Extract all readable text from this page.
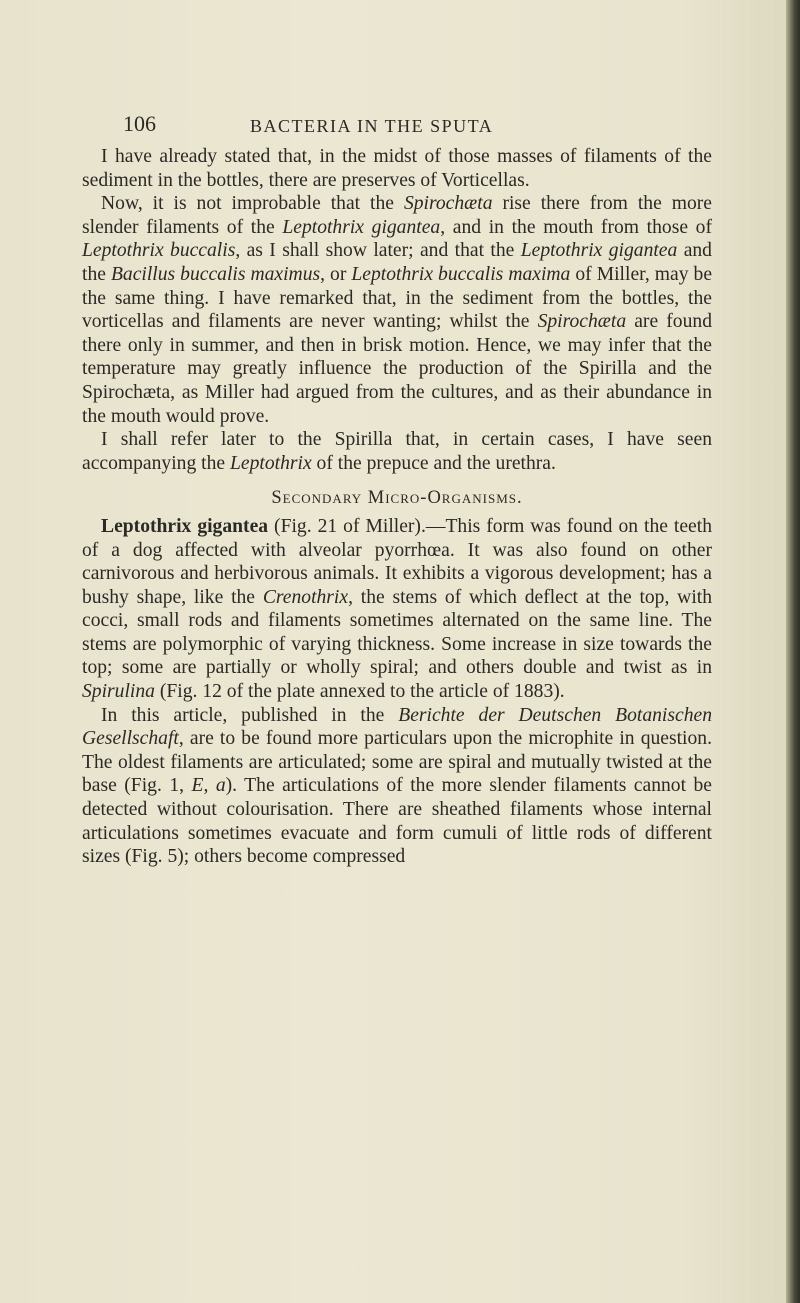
106	BACTERIA IN THE SPUTA

I have already stated that, in the midst of those masses of filaments of the sediment in the bottles, there are preserves of Vorticellas.

Now, it is not improbable that the Spirochæta rise there from the more slender filaments of the Leptothrix gigantea, and in the mouth from those of Leptothrix buccalis, as I shall show later; and that the Leptothrix gigantea and the Bacillus buccalis maximus, or Leptothrix buccalis maxima of Miller, may be the same thing. I have remarked that, in the sediment from the bottles, the vorticellas and filaments are never wanting; whilst the Spirochæta are found there only in summer, and then in brisk motion. Hence, we may infer that the temperature may greatly influence the production of the Spirilla and the Spirochæta, as Miller had argued from the cultures, and as their abundance in the mouth would prove.

I shall refer later to the Spirilla that, in certain cases, I have seen accompanying the Leptothrix of the prepuce and the urethra.

Secondary Micro-Organisms.

Leptothrix gigantea (Fig. 21 of Miller).—This form was found on the teeth of a dog affected with alveolar pyorrhœa. It was also found on other carnivorous and herbivorous animals. It exhibits a vigorous development; has a bushy shape, like the Crenothrix, the stems of which deflect at the top, with cocci, small rods and filaments sometimes alternated on the same line. The stems are polymorphic of varying thickness. Some increase in size towards the top; some are partially or wholly spiral; and others double and twist as in Spirulina (Fig. 12 of the plate annexed to the article of 1883).

In this article, published in the Berichte der Deutschen Botanischen Gesellschaft, are to be found more particulars upon the microphite in question. The oldest filaments are articulated; some are spiral and mutually twisted at the base (Fig. 1, E, a). The articulations of the more slender filaments cannot be detected without colourisation. There are sheathed filaments whose internal articulations sometimes evacuate and form cumuli of little rods of different sizes (Fig. 5); others become compressed
